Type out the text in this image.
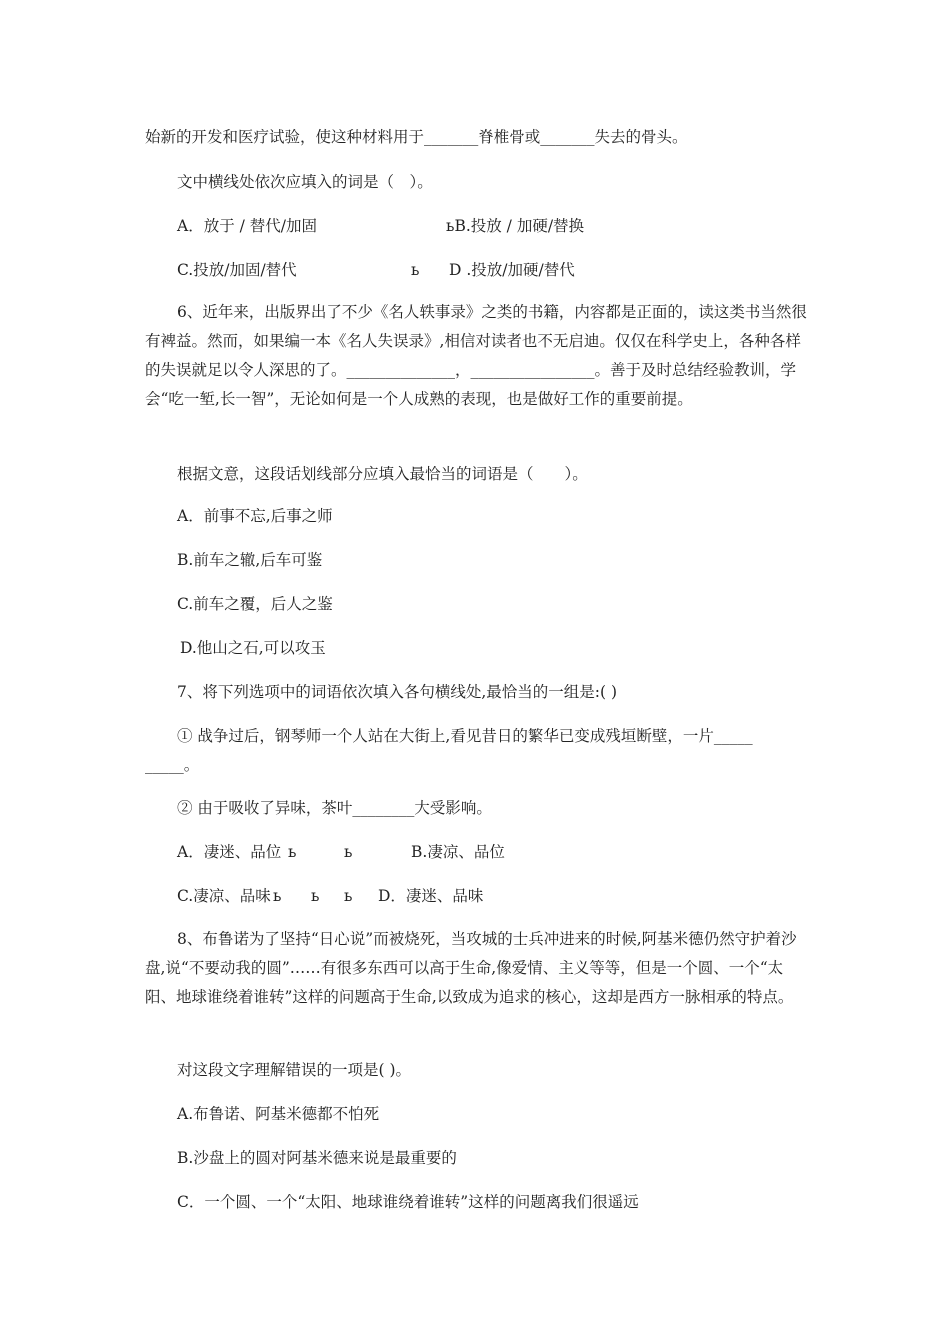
始新的开发和医疗试验，使这种材料用于_______脊椎骨或_______失去的骨头。
文中横线处依次应填入的词是（　）。
A．放于 / 替代/加固	ьB.投放 / 加硬/替换
C.投放/加固/替代	ь D .投放/加硬/替代
6、近年来，出版界出了不少《名人轶事录》之类的书籍，内容都是正面的，读这类书当然很有裨益。然而，如果编一本《名人失误录》,相信对读者也不无启迪。仅仅在科学史上，各种各样的失误就足以令人深思的了。______________，________________。善于及时总结经验教训，学会“吃一堑,长一智”，无论如何是一个人成熟的表现，也是做好工作的重要前提。
根据文意，这段话划线部分应填入最恰当的词语是（　　）。
A．前事不忘,后事之师
B.前车之辙,后车可鉴
C.前车之覆，后人之鉴
D.他山之石,可以攻玉
7、将下列选项中的词语依次填入各句横线处,最恰当的一组是:( )
① 战争过后，钢琴师一个人站在大街上,看见昔日的繁华已变成残垣断壁，一片_____
_____。
② 由于吸收了异味，茶叶________大受影响。
A．凄迷、品位 ь	ь	B.凄凉、品位
C.凄凉、品味 ь ь ь D．凄迷、品味
8、布鲁诺为了坚持“日心说”而被烧死，当攻城的士兵冲进来的时候,阿基米德仍然守护着沙盘,说“不要动我的圆”……有很多东西可以高于生命,像爱情、主义等等，但是一个圆、一个“太阳、地球谁绕着谁转”这样的问题高于生命,以致成为追求的核心，这却是西方一脉相承的特点。
对这段文字理解错误的一项是( )。
A.布鲁诺、阿基米德都不怕死
B.沙盘上的圆对阿基米德来说是最重要的
C．一个圆、一个“太阳、地球谁绕着谁转”这样的问题离我们很遥远
